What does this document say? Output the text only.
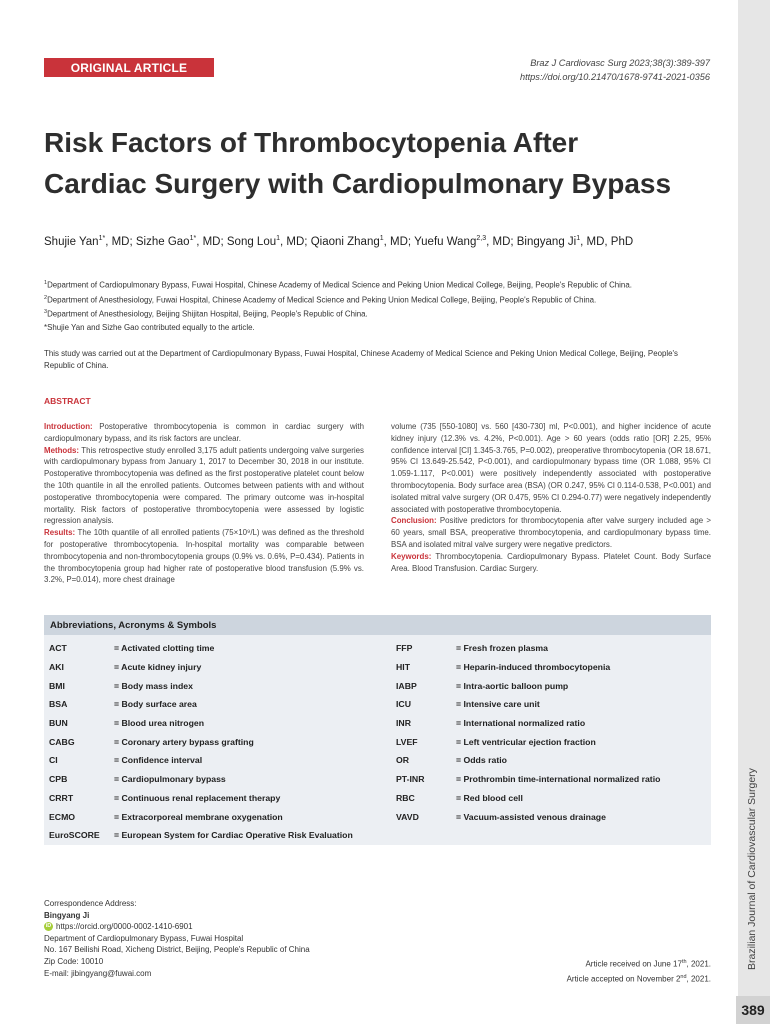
Brazilian Journal of Cardiovascular Surgery
389
ORIGINAL ARTICLE	Braz J Cardiovasc Surg 2023;38(3):389-397
https://doi.org/10.21470/1678-9741-2021-0356
Risk Factors of Thrombocytopenia After
Cardiac Surgery with Cardiopulmonary Bypass
Shujie Yan$^{1*}$, MD; Sizhe Gao$^{1*}$, MD; Song Lou$^1$, MD; Qiaoni Zhang$^1$, MD; Yuefu Wang$^{2,3}$, MD; Bingyang Ji$^1$, MD, PhD
$^1$Department of Cardiopulmonary Bypass, Fuwai Hospital, Chinese Academy of Medical Science and Peking Union Medical College, Beijing, People's Republic of China.
$^2$Department of Anesthesiology, Fuwai Hospital, Chinese Academy of Medical Science and Peking Union Medical College, Beijing, People's Republic of China.
$^3$Department of Anesthesiology, Beijing Shijitan Hospital, Beijing, People's Republic of China.
*Shujie Yan and Sizhe Gao contributed equally to the article.
This study was carried out at the Department of Cardiopulmonary Bypass, Fuwai Hospital, Chinese Academy of Medical Science and Peking Union Medical College, Beijing, People's Republic of China.
ABSTRACT

Introduction: Postoperative thrombocytopenia is common in cardiac surgery with cardiopulmonary bypass, and its risk factors are unclear.

Methods: This retrospective study enrolled 3,175 adult patients undergoing valve surgeries with cardiopulmonary bypass from January 1, 2017 to December 30, 2018 in our institute. Postoperative thrombocytopenia was defined as the first postoperative platelet count below the 10th quantile in all the enrolled patients. Outcomes between patients with and without postoperative thrombocytopenia were compared. The primary outcome was in-hospital mortality. Risk factors of postoperative thrombocytopenia were assessed by logistic regression analysis.

Results: The 10th quantile of all enrolled patients (75×10⁹/L) was defined as the threshold for postoperative thrombocytopenia. In-hospital mortality was comparable between thrombocytopenia and non-thrombocytopenia groups (0.9% vs. 0.6%, P=0.434). Patients in the thrombocytopenia group had higher rate of postoperative blood transfusion (5.9% vs. 3.2%, P=0.014), more chest drainage

volume (735 [550-1080] vs. 560 [430-730] ml, P<0.001), and higher incidence of acute kidney injury (12.3% vs. 4.2%, P<0.001). Age > 60 years (odds ratio [OR] 2.25, 95% confidence interval [CI] 1.345-3.765, P=0.002), preoperative thrombocytopenia (OR 18.671, 95% CI 13.649-25.542, P<0.001), and cardiopulmonary bypass time (OR 1.088, 95% CI 1.059-1.117, P<0.001) were positively independently associated with postoperative thrombocytopenia. Body surface area (BSA) (OR 0.247, 95% CI 0.114-0.538, P<0.001) and isolated mitral valve surgery (OR 0.475, 95% CI 0.294-0.77) were negatively independently associated with postoperative thrombocytopenia.

Conclusion: Positive predictors for thrombocytopenia after valve surgery included age > 60 years, small BSA, preoperative thrombocytopenia, and cardiopulmonary bypass time. BSA and isolated mitral valve surgery were negative predictors.

Keywords: Thrombocytopenia. Cardiopulmonary Bypass. Platelet Count. Body Surface Area. Blood Transfusion. Cardiac Surgery.

Abbreviations, Acronyms & Symbols
ACT	= Activated clotting time
AKI	= Acute kidney injury
BMI	= Body mass index
BSA	= Body surface area
BUN	= Blood urea nitrogen
CABG	= Coronary artery bypass grafting
CI	= Confidence interval
CPB	= Cardiopulmonary bypass
CRRT	= Continuous renal replacement therapy
ECMO	= Extracorporeal membrane oxygenation
EuroSCORE	= European System for Cardiac Operative Risk Evaluation
FFP	= Fresh frozen plasma
HIT	= Heparin-induced thrombocytopenia
IABP	= Intra-aortic balloon pump
ICU	= Intensive care unit
INR	= International normalized ratio
LVEF	= Left ventricular ejection fraction
OR	= Odds ratio
PT-INR	= Prothrombin time-international normalized ratio
RBC	= Red blood cell
VAVD	= Vacuum-assisted venous drainage
Correspondence Address:
Bingyang Ji
iD https://orcid.org/0000-0002-1410-6901
Department of Cardiopulmonary Bypass, Fuwai Hospital
No. 167 Beilishi Road, Xicheng District, Beijing, People's Republic of China
Zip Code: 10010
E-mail: jibingyang@fuwai.com
Article received on June 17th, 2021.
Article accepted on November 2nd, 2021.
